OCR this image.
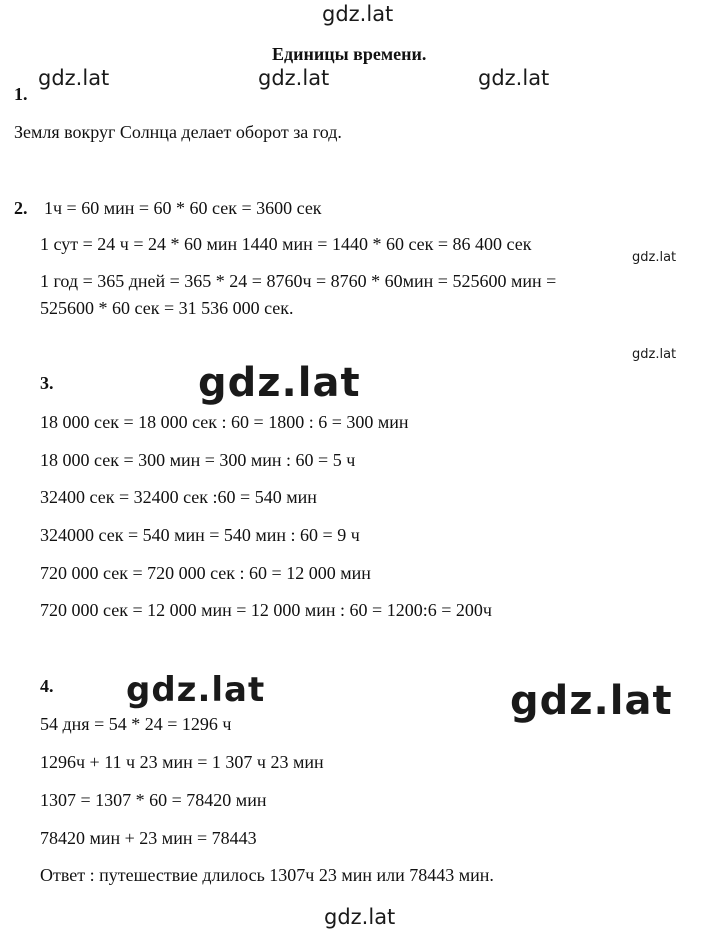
gdz.lat
gdz.lat	gdz.lat	gdz.lat
gdz.lat
gdz.lat
gdz.lat
gdz.lat	gdz.lat
gdz.lat
Единицы времени.
1.
Земля вокруг Солнца делает оборот за год.
2. 1ч = 60 мин = 60 * 60 сек = 3600 сек
1 сут = 24 ч = 24 * 60 мин 1440 мин = 1440 * 60 сек = 86 400 сек
1 год = 365 дней = 365 * 24 = 8760ч = 8760 * 60мин = 525600 мин =
525600 * 60 сек = 31 536 000 сек.
3.
18 000 сек = 18 000 сек : 60 = 1800 : 6 = 300 мин
18 000 сек = 300 мин = 300 мин : 60 = 5 ч
32400 сек = 32400 сек :60 = 540 мин
324000 сек = 540 мин = 540 мин : 60 = 9 ч
720 000 сек = 720 000 сек : 60 = 12 000 мин
720 000 сек = 12 000 мин = 12 000 мин : 60 = 1200:6 = 200ч
4.
54 дня = 54 * 24 = 1296 ч
1296ч + 11 ч 23 мин = 1 307 ч 23 мин
1307 = 1307 * 60 = 78420 мин
78420 мин + 23 мин = 78443
Ответ : путешествие длилось 1307ч 23 мин или 78443 мин.
